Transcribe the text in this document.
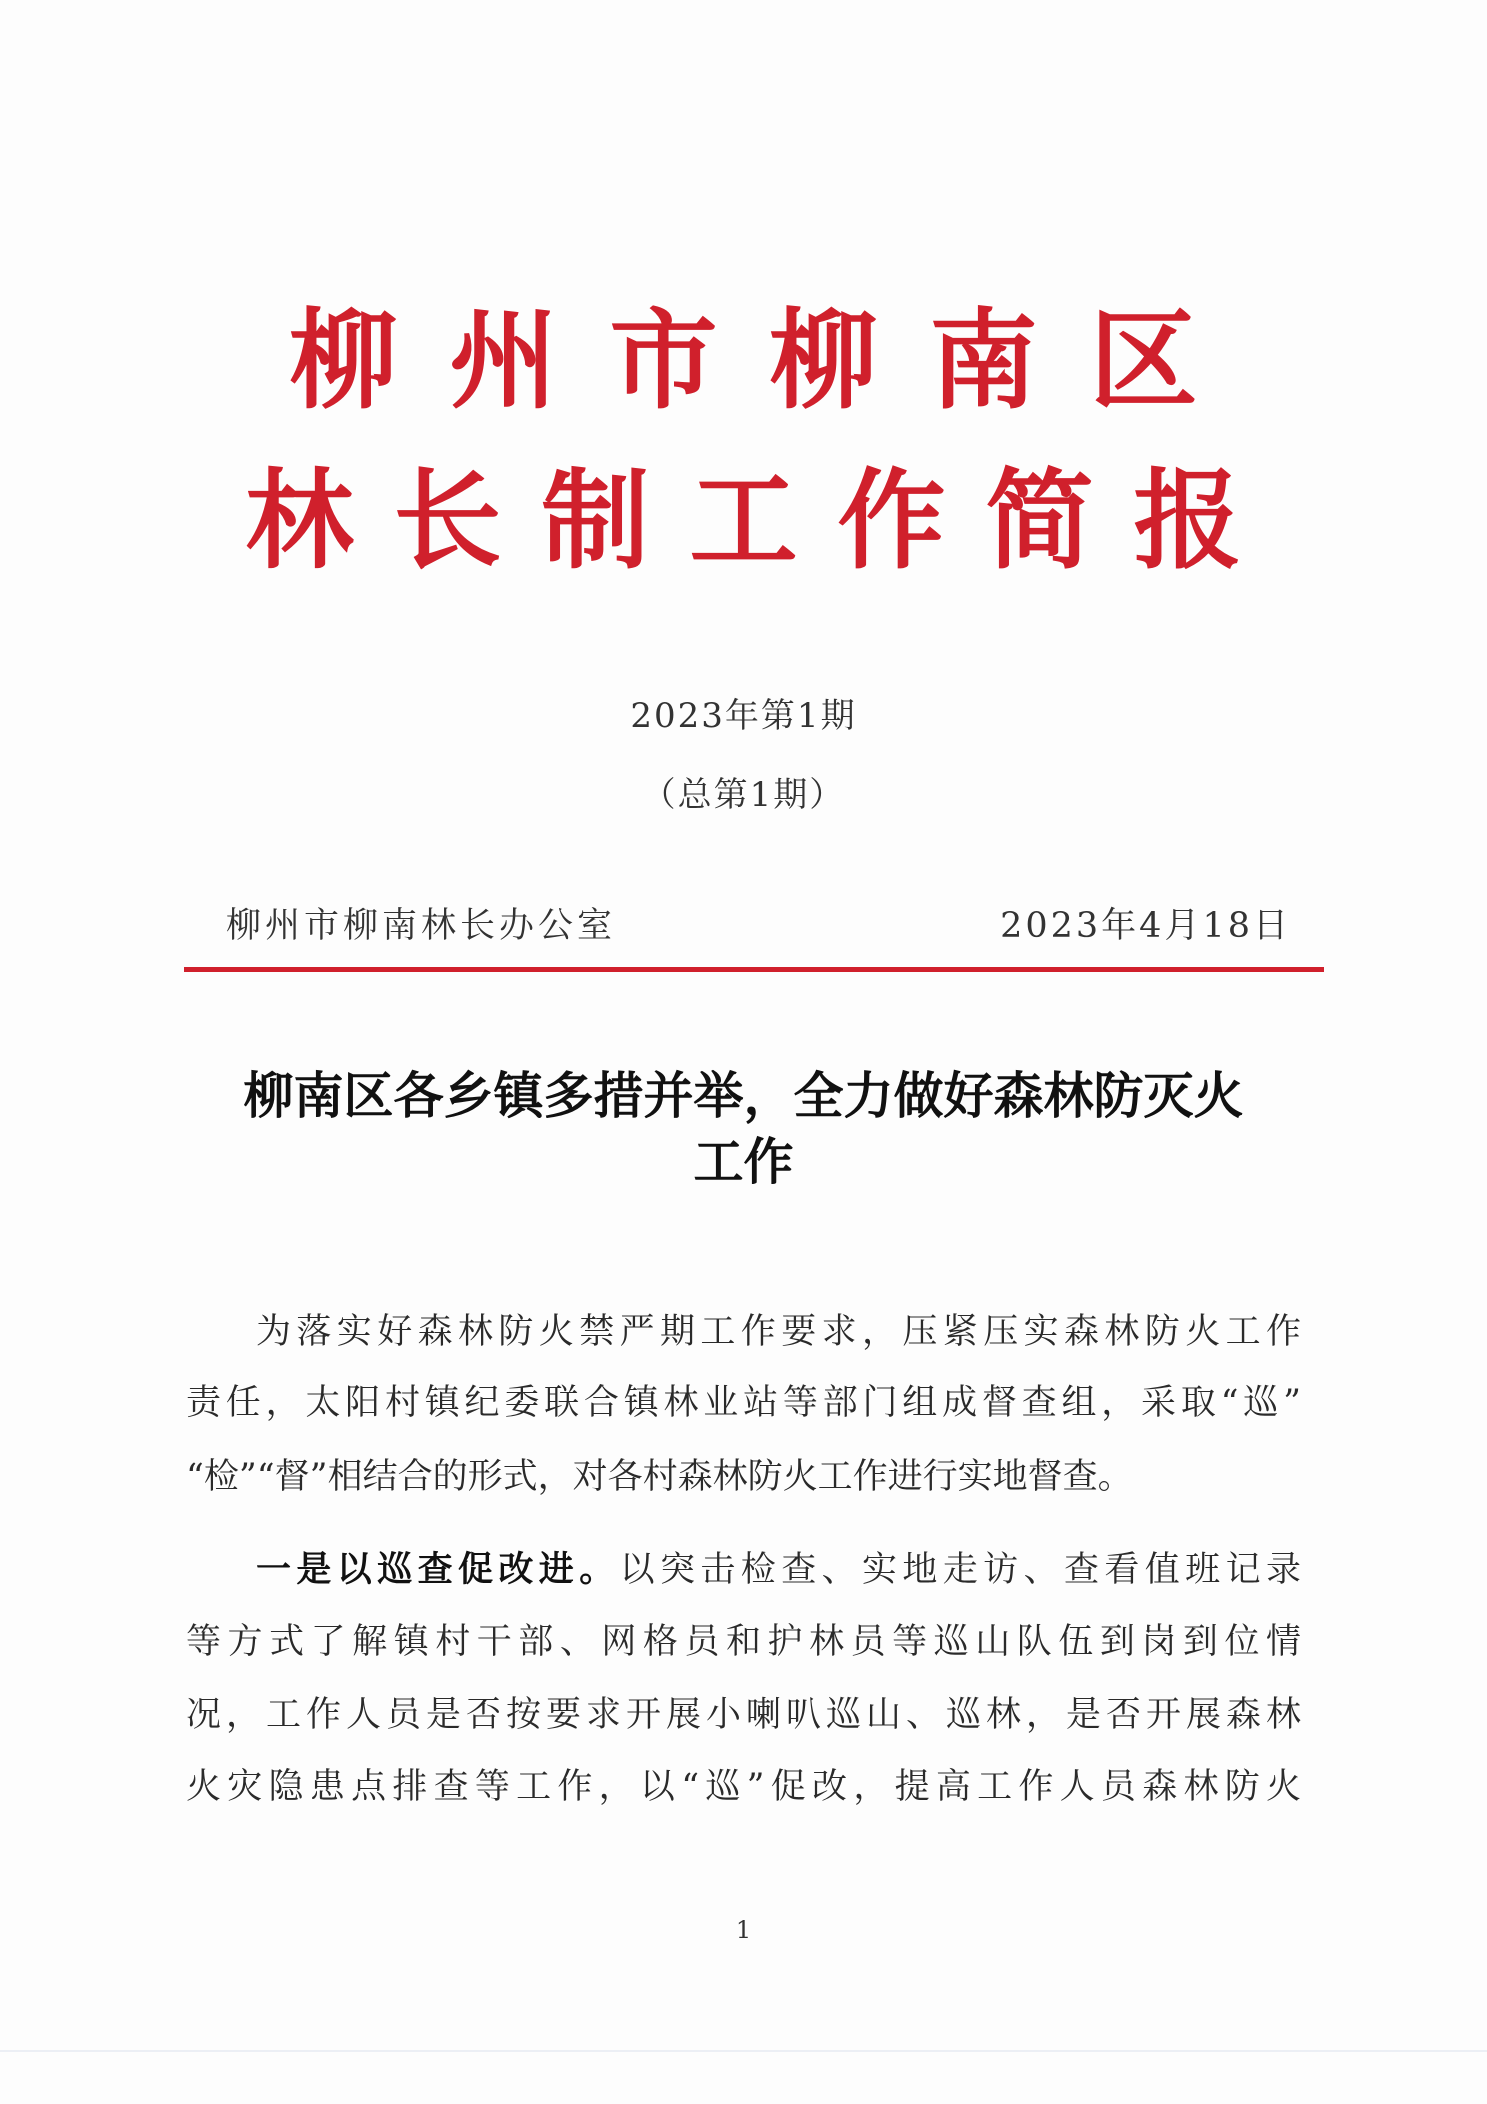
柳州市柳南区
林长制工作简报
2023年第1期
（总第1期）
柳州市柳南林长办公室	2023年4月18日
柳南区各乡镇多措并举，全力做好森林防灭火
工作
为落实好森林防火禁严期工作要求，压紧压实森林防火工作
责任，太阳村镇纪委联合镇林业站等部门组成督查组，采取“巡”
“检”“督”相结合的形式，对各村森林防火工作进行实地督查。
一是以巡查促改进。以突击检查、实地走访、查看值班记录
等方式了解镇村干部、网格员和护林员等巡山队伍到岗到位情
况，工作人员是否按要求开展小喇叭巡山、巡林，是否开展森林
火灾隐患点排查等工作，以“巡”促改，提高工作人员森林防火
1
